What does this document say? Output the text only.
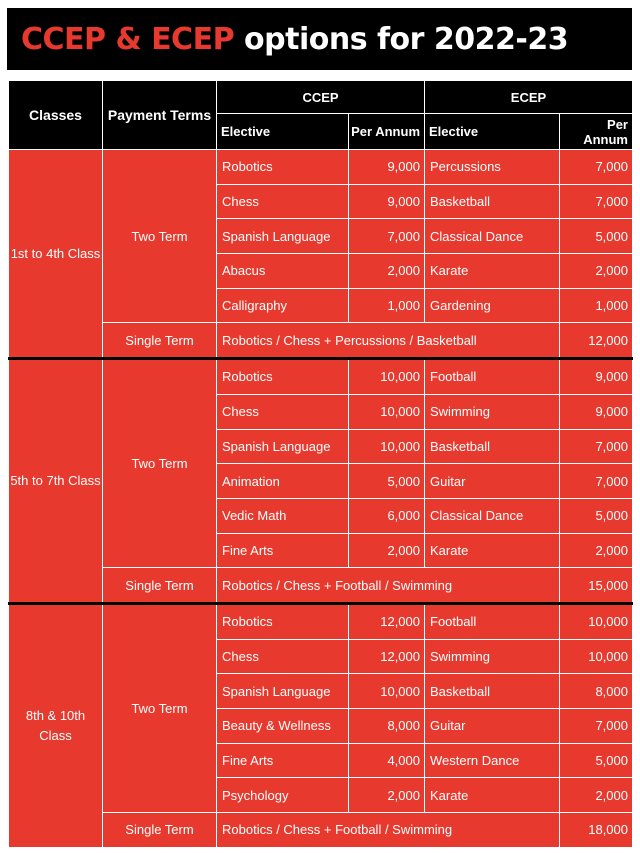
CCEP & ECEP options for 2022-23
Classes	Payment Terms	CCEP		ECEP	
		Elective	Per Annum	Elective	Per Annum
1st to 4th Class	Two Term	Robotics	9,000	Percussions	7,000
		Chess	9,000	Basketball	7,000
		Spanish Language	7,000	Classical Dance	5,000
		Abacus	2,000	Karate	2,000
		Calligraphy	1,000	Gardening	1,000
	Single Term	Robotics / Chess + Percussions / Basketball			12,000
5th to 7th Class	Two Term	Robotics	10,000	Football	9,000
		Chess	10,000	Swimming	9,000
		Spanish Language	10,000	Basketball	7,000
		Animation	5,000	Guitar	7,000
		Vedic Math	6,000	Classical Dance	5,000
		Fine Arts	2,000	Karate	2,000
	Single Term	Robotics / Chess + Football / Swimming			15,000
8th & 10th Class	Two Term	Robotics	12,000	Football	10,000
		Chess	12,000	Swimming	10,000
		Spanish Language	10,000	Basketball	8,000
		Beauty & Wellness	8,000	Guitar	7,000
		Fine Arts	4,000	Western Dance	5,000
		Psychology	2,000	Karate	2,000
	Single Term	Robotics / Chess + Football / Swimming			18,000
